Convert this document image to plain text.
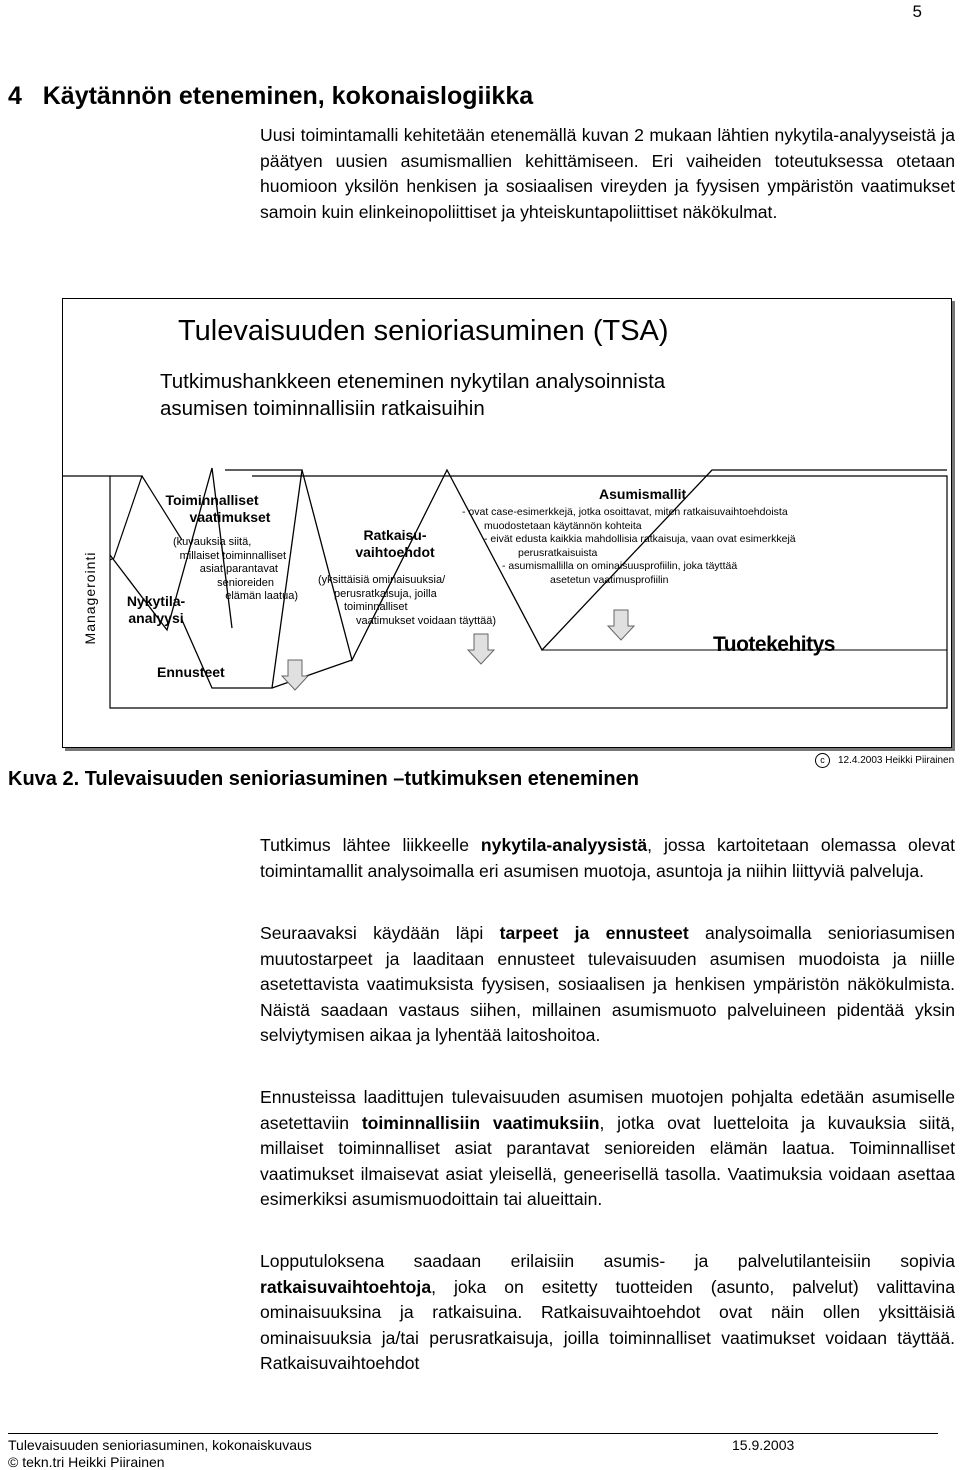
5
4   Käytännön eteneminen, kokonaislogiikka

Uusi toimintamalli kehitetään etenemällä kuvan 2 mukaan lähtien nykytila-analyyseistä ja päätyen uusien asumismallien kehittämiseen. Eri vaiheiden toteutuksessa otetaan huomioon yksilön henkisen ja sosiaalisen vireyden ja fyysisen ympäristön vaatimukset samoin kuin elinkeinopoliittiset ja yhteiskuntapoliittiset näkökulmat.

Tulevaisuuden senioriasuminen (TSA)
Tutkimushankkeen eteneminen nykytilan analysoinnista
asumisen toiminnallisiin ratkaisuihin
Managerointi	Nykytila-
analyysi
Toiminnalliset
vaatimukset
(kuvauksia siitä,
millaiset toiminnalliset
asiat parantavat
senioreiden
elämän laatua)
Ennusteet
Ratkaisu-
vaihtoehdot
(yksittäisiä ominaisuuksia/
perusratkaisuja, joilla
toiminnalliset
vaatimukset voidaan täyttää)
Asumismallit
- ovat case-esimerkkejä, jotka osoittavat, miten ratkaisuvaihtoehdoista
muodostetaan käytännön kohteita
- eivät edusta kaikkia mahdollisia ratkaisuja, vaan ovat esimerkkejä
perusratkaisuista
- asumismallilla on ominaisuusprofiilin, joka täyttää
asetetun vaatimusprofiilin
Tuotekehitys
Kuva 2. Tulevaisuuden senioriasuminen –tutkimuksen eteneminen
c 12.4.2003 Heikki Piirainen

Tutkimus lähtee liikkeelle nykytila-analyysistä, jossa kartoitetaan olemassa olevat toimintamallit analysoimalla eri asumisen muotoja, asuntoja ja niihin liittyviä palveluja.

Seuraavaksi käydään läpi tarpeet ja ennusteet analysoimalla senioriasumisen muutostarpeet ja laaditaan ennusteet tulevaisuuden asumisen muodoista ja niille asetettavista vaatimuksista fyysisen, sosiaalisen ja henkisen ympäristön näkökulmista. Näistä saadaan vastaus siihen, millainen asumismuoto palveluineen pidentää yksin selviytymisen aikaa ja lyhentää laitoshoitoa.

Ennusteissa laadittujen tulevaisuuden asumisen muotojen pohjalta edetään asumiselle asetettaviin toiminnallisiin vaatimuksiin, jotka ovat luetteloita ja kuvauksia siitä, millaiset toiminnalliset asiat parantavat senioreiden elämän laatua. Toiminnalliset vaatimukset ilmaisevat asiat yleisellä, geneerisellä tasolla. Vaatimuksia voidaan asettaa esimerkiksi asumismuodoittain tai alueittain.

Lopputuloksena saadaan erilaisiin asumis- ja palvelutilanteisiin sopivia ratkaisuvaihtoehtoja, joka on esitetty tuotteiden (asunto, palvelut) valittavina ominaisuuksina ja ratkaisuina. Ratkaisuvaihtoehdot ovat näin ollen yksittäisiä ominaisuuksia ja/tai perusratkaisuja, joilla toiminnalliset vaatimukset voidaan täyttää. Ratkaisuvaihtoehdot

Tulevaisuuden senioriasuminen, kokonaiskuvaus	15.9.2003
© tekn.tri Heikki Piirainen
